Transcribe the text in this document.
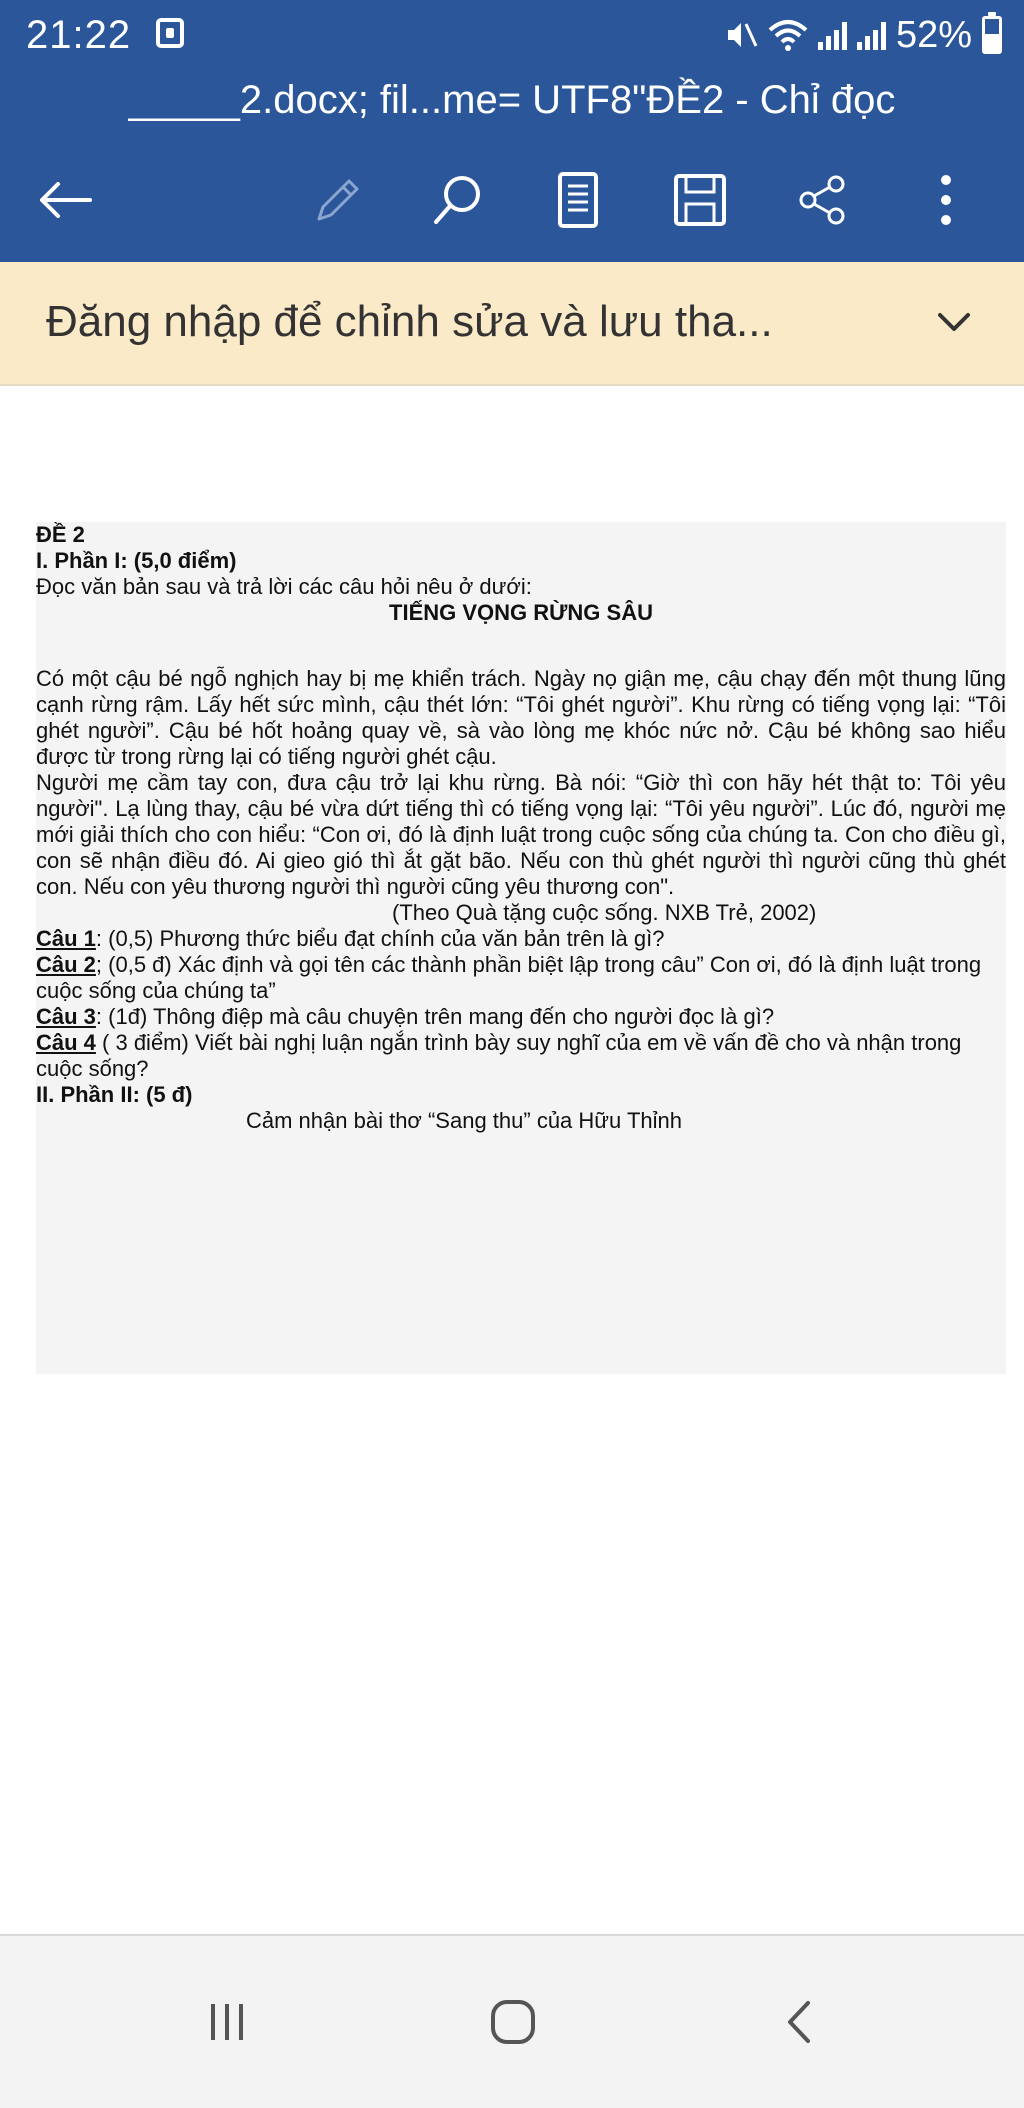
21:22	52%
_____2.docx; fil...me= UTF8"ĐỀ2 - Chỉ đọc
Đăng nhập để chỉnh sửa và lưu tha...

ĐỀ 2

I. Phần I: (5,0 điểm)

Đọc văn bản sau và trả lời các câu hỏi nêu ở dưới:

TIẾNG VỌNG RỪNG SÂU

Có một cậu bé ngỗ nghịch hay bị mẹ khiển trách. Ngày nọ giận mẹ, cậu chạy đến một thung lũng cạnh rừng rậm. Lấy hết sức mình, cậu thét lớn: “Tôi ghét người”. Khu rừng có tiếng vọng lại: “Tôi ghét người”. Cậu bé hốt hoảng quay về, sà vào lòng mẹ khóc nức nở. Cậu bé không sao hiểu được từ trong rừng lại có tiếng người ghét cậu.

Người mẹ cầm tay con, đưa cậu trở lại khu rừng. Bà nói: “Giờ thì con hãy hét thật to: Tôi yêu người". Lạ lùng thay, cậu bé vừa dứt tiếng thì có tiếng vọng lại: “Tôi yêu người”. Lúc đó, người mẹ mới giải thích cho con hiểu: “Con ơi, đó là định luật trong cuộc sống của chúng ta. Con cho điều gì, con sẽ nhận điều đó. Ai gieo gió thì ắt gặt bão. Nếu con thù ghét người thì người cũng thù ghét con. Nếu con yêu thương người thì người cũng yêu thương con".

(Theo Quà tặng cuộc sống. NXB Trẻ, 2002)

Câu 1: (0,5) Phương thức biểu đạt chính của văn bản trên là gì?

Câu 2; (0,5 đ) Xác định và gọi tên các thành phần biệt lập trong câu” Con ơi, đó là định luật trong cuộc sống của chúng ta”

Câu 3: (1đ) Thông điệp mà câu chuyện trên mang đến cho người đọc là gì?

Câu 4 ( 3 điểm) Viết bài nghị luận ngắn trình bày suy nghĩ của em về vấn đề cho và nhận trong cuộc sống?

II. Phần II: (5 đ)

Cảm nhận bài thơ “Sang thu” của Hữu Thỉnh
